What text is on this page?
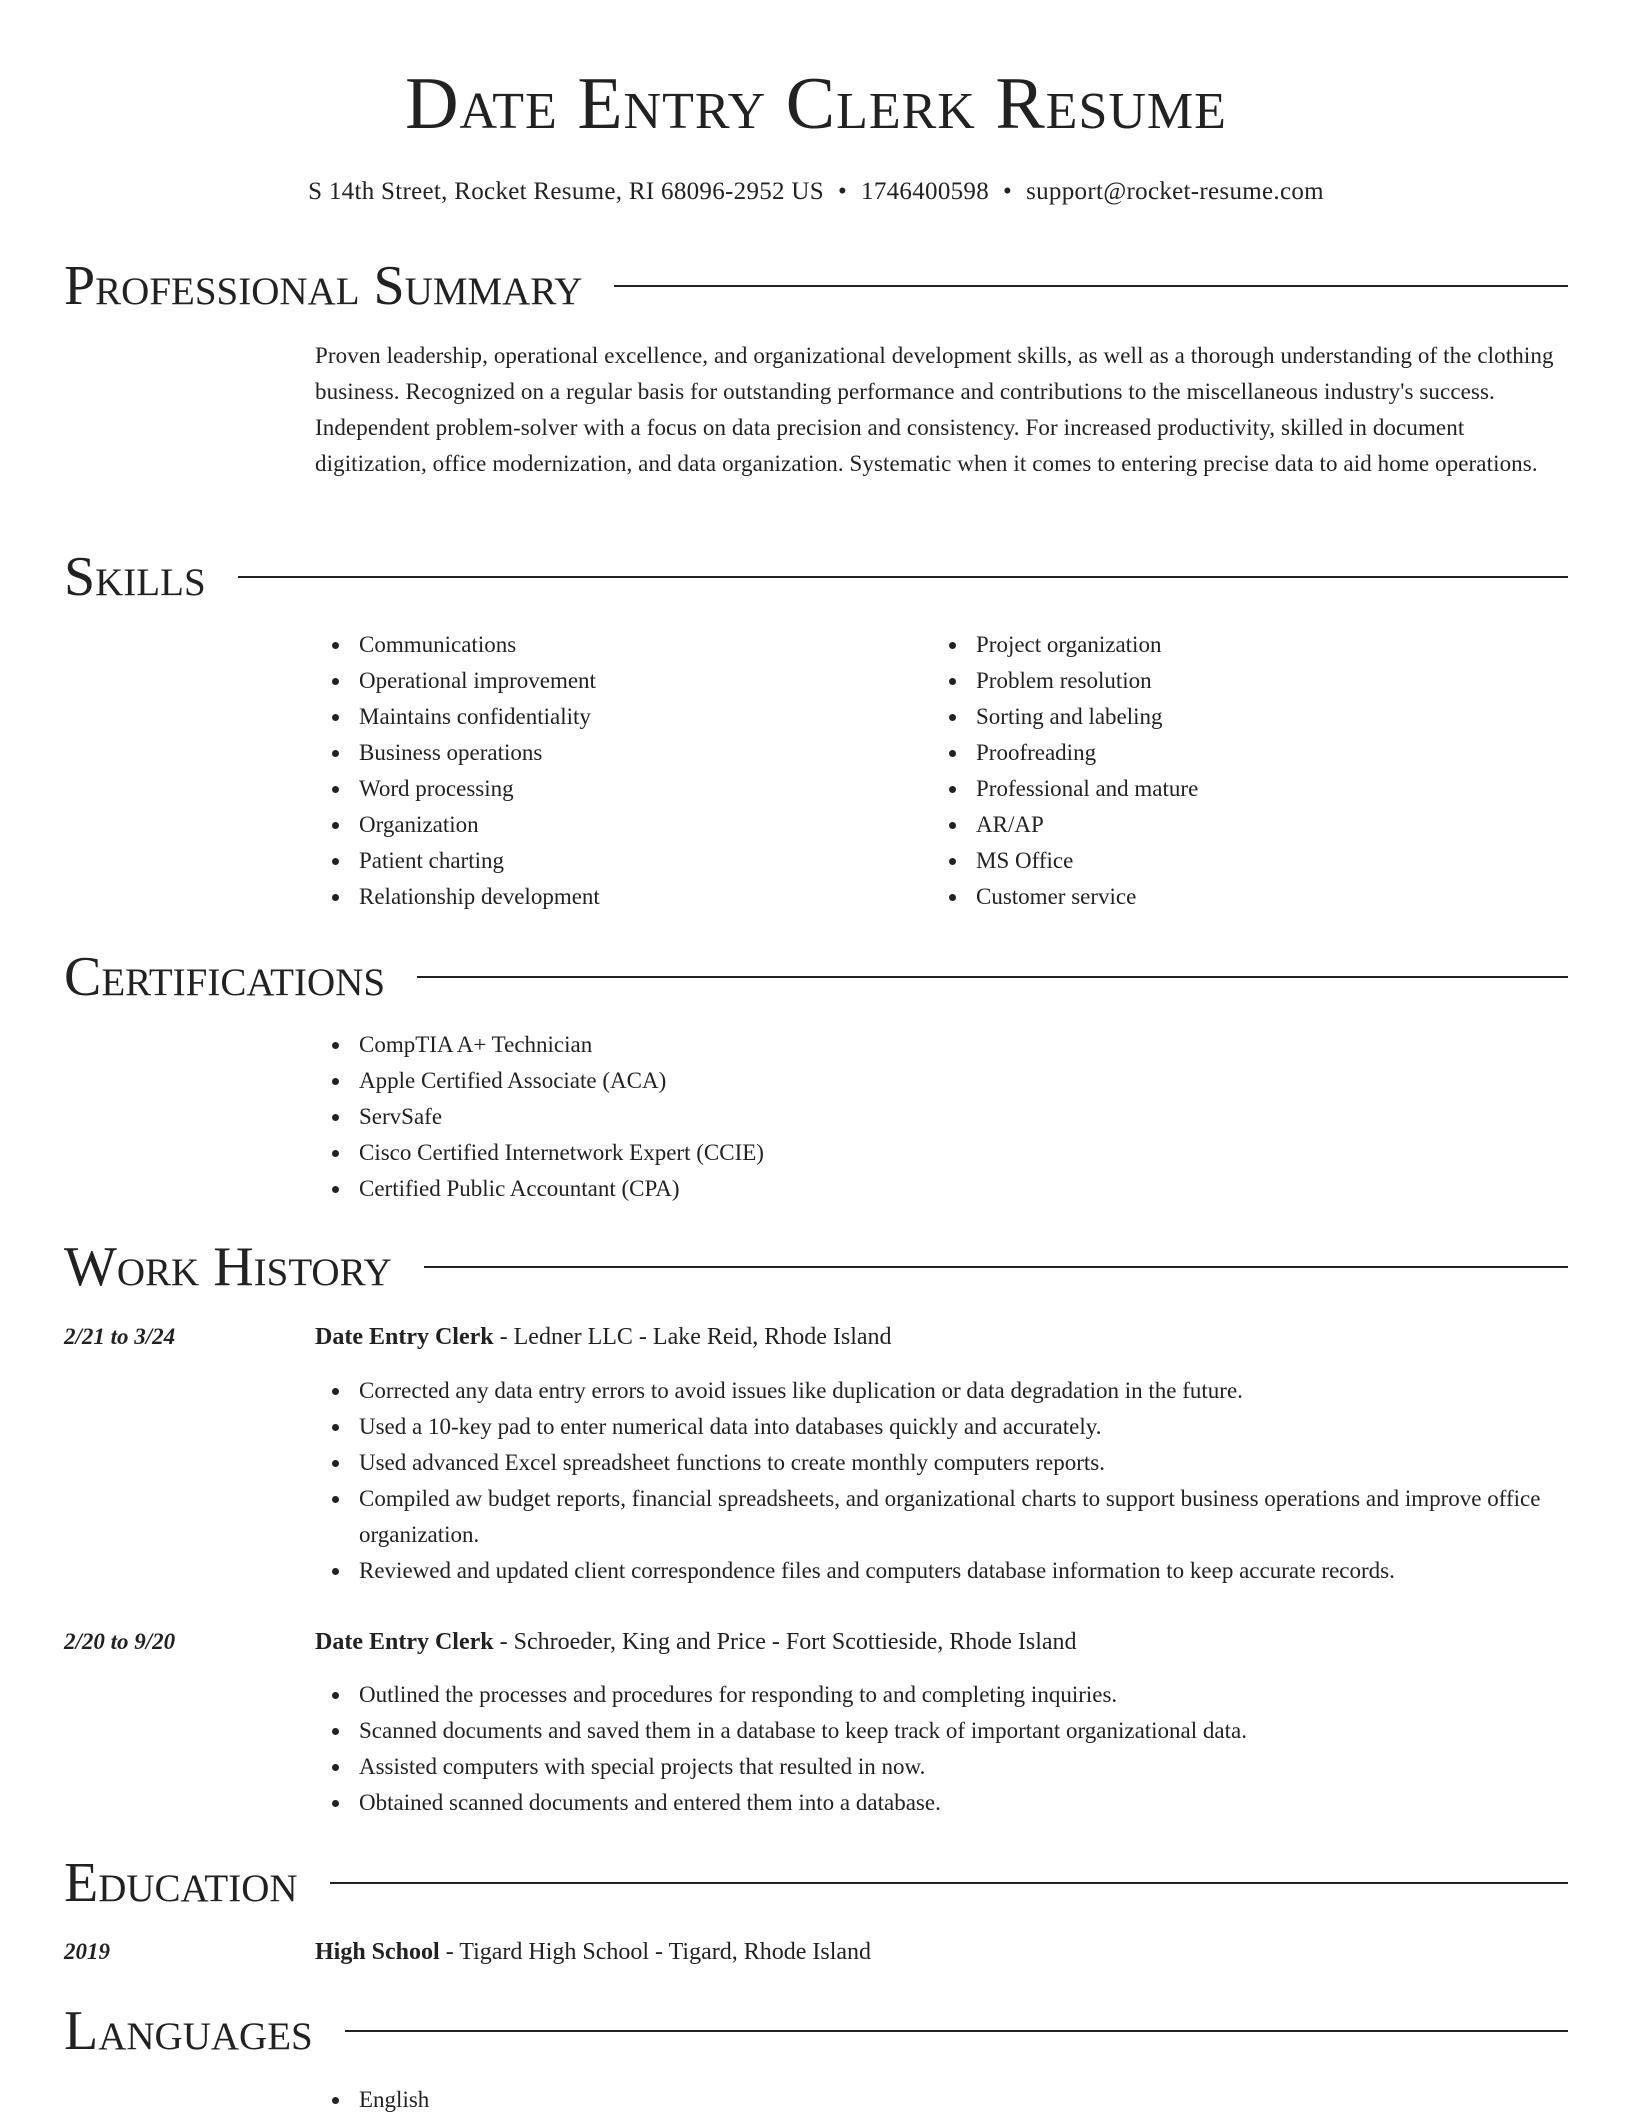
Date Entry Clerk Resume
S 14th Street, Rocket Resume, RI 68096-2952 US • 1746400598 • support@rocket-resume.com
Professional Summary
Proven leadership, operational excellence, and organizational development skills, as well as a thorough understanding of the clothing business. Recognized on a regular basis for outstanding performance and contributions to the miscellaneous industry's success. Independent problem-solver with a focus on data precision and consistency. For increased productivity, skilled in document digitization, office modernization, and data organization. Systematic when it comes to entering precise data to aid home operations.
Skills
Communications
Operational improvement
Maintains confidentiality
Business operations
Word processing
Organization
Patient charting
Relationship development
Project organization
Problem resolution
Sorting and labeling
Proofreading
Professional and mature
AR/AP
MS Office
Customer service
Certifications
CompTIA A+ Technician
Apple Certified Associate (ACA)
ServSafe
Cisco Certified Internetwork Expert (CCIE)
Certified Public Accountant (CPA)
Work History
2/21 to 3/24	Date Entry Clerk - Ledner LLC - Lake Reid, Rhode Island
Corrected any data entry errors to avoid issues like duplication or data degradation in the future.
Used a 10-key pad to enter numerical data into databases quickly and accurately.
Used advanced Excel spreadsheet functions to create monthly computers reports.
Compiled aw budget reports, financial spreadsheets, and organizational charts to support business operations and improve office organization.
Reviewed and updated client correspondence files and computers database information to keep accurate records.
2/20 to 9/20	Date Entry Clerk - Schroeder, King and Price - Fort Scottieside, Rhode Island
Outlined the processes and procedures for responding to and completing inquiries.
Scanned documents and saved them in a database to keep track of important organizational data.
Assisted computers with special projects that resulted in now.
Obtained scanned documents and entered them into a database.
Education
2019	High School - Tigard High School - Tigard, Rhode Island
Languages
English
